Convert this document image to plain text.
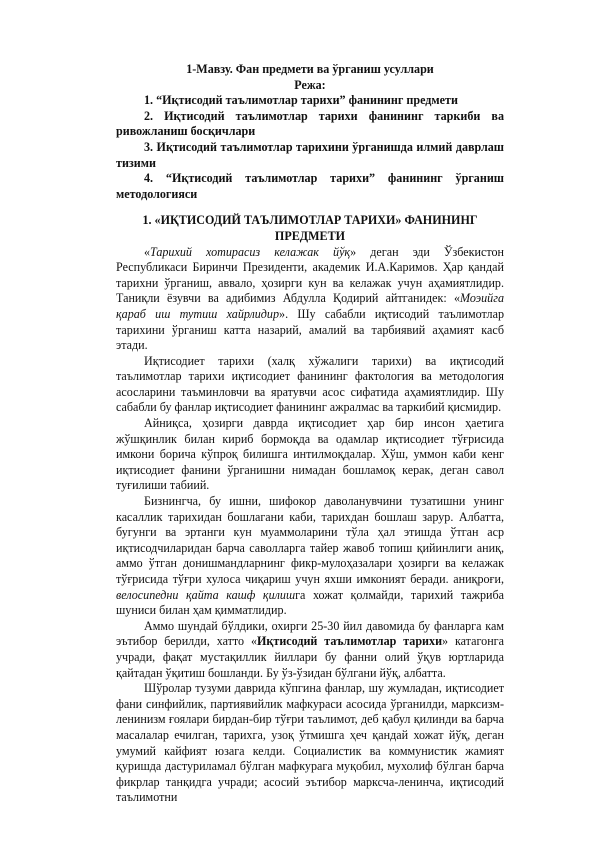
1-Мавзу. Фан предмети ва ўрганиш усуллари
Режа:
1. “Иқтисодий таълимотлар тарихи” фанининг предмети
2. Иқтисодий таълимотлар тарихи фанининг таркиби ва ривожланиш босқичлари
3. Иқтисодий таълимотлар тарихини ўрганишда илмий даврлаш тизими
4. “Иқтисодий таълимотлар тарихи” фанининг ўрганиш методологияси
1. «ИҚТИСОДИЙ ТАЪЛИМОТЛАР ТАРИХИ» ФАНИНИНГ
ПРЕДМЕТИ

«Тарихий хотирасиз келажак йўқ» деган эди Ўзбекистон Республикаси Биринчи Президенти, академик И.А.Каримов. Ҳар қандай тарихни ўрганиш, аввало, ҳозирги кун ва келажак учун аҳамиятлидир. Таниқли ёзувчи ва адибимиз Абдулла Қодирий айтганидек: «Моэийга қараб иш тутиш хайрлидир». Шу сабабли иқтисодий таълимотлар тарихини ўрганиш катта назарий, амалий ва тарбиявий аҳамият касб этади.

Иқтисодиет тарихи (халқ хўжалиги тарихи) ва иқтисодий таълимотлар тарихи иқтисодиет фанининг фактология ва методология асосларини таъминловчи ва яратувчи асос сифатида аҳамиятлидир. Шу сабабли бу фанлар иқтисодиет фанининг ажралмас ва таркибий қисмидир.

Айниқса, ҳозирги даврда иқтисодиет ҳар бир инсон ҳаетига жўшқинлик билан кириб бормоқда ва одамлар иқтисодиет тўғрисида имкони борича кўпроқ билишга интилмоқдалар. Хўш, уммон каби кенг иқтисодиет фанини ўрганишни нимадан бошламоқ керак, деган савол туғилиши табиий.

Бизнингча, бу ишни, шифокор даволанувчини тузатишни унинг касаллик тарихидан бошлагани каби, тарихдан бошлаш зарур. Албатта, бугунги ва эртанги кун муаммоларини тўла ҳал этишда ўтган аср иқтисодчиларидан барча саволларга тайер жавоб топиш қийинлиги аниқ, аммо ўтган донишмандларнинг фикр-мулоҳазалари ҳозирги ва келажак тўғрисида тўғри хулоса чиқариш учун яхши имконият беради. аниқроғи, велосипедни қайта кашф қилишга хожат қолмайди, тарихий тажриба шуниси билан ҳам қимматлидир.

Аммо шундай бўлдики, охирги 25-30 йил давомида бу фанларга кам эътибор берилди, хатто «Иқтисодий таълимотлар тарихи» катагонга учради, фақат мустақиллик йиллари бу фанни олий ўқув юртларида қайтадан ўқитиш бошланди. Бу ўз-ўзидан бўлгани йўқ, албатта.

Шўролар тузуми даврида кўпгина фанлар, шу жумладан, иқтисодиет фани синфийлик, партиявийлик мафкураси асосида ўрганилди, марксизм-ленинизм ғоялари бирдан-бир тўғри таълимот, деб қабул қилинди ва барча масалалар ечилган, тарихга, узоқ ўтмишга ҳеч қандай хожат йўқ, деган умумий кайфият юзага келди. Социалистик ва коммунистик жамият қуришда дастуриламал бўлган мафкурага муқобил, мухолиф бўлган барча фикрлар танқидга учради; асосий эътибор марксча-ленинча, иқтисодий таълимотни
